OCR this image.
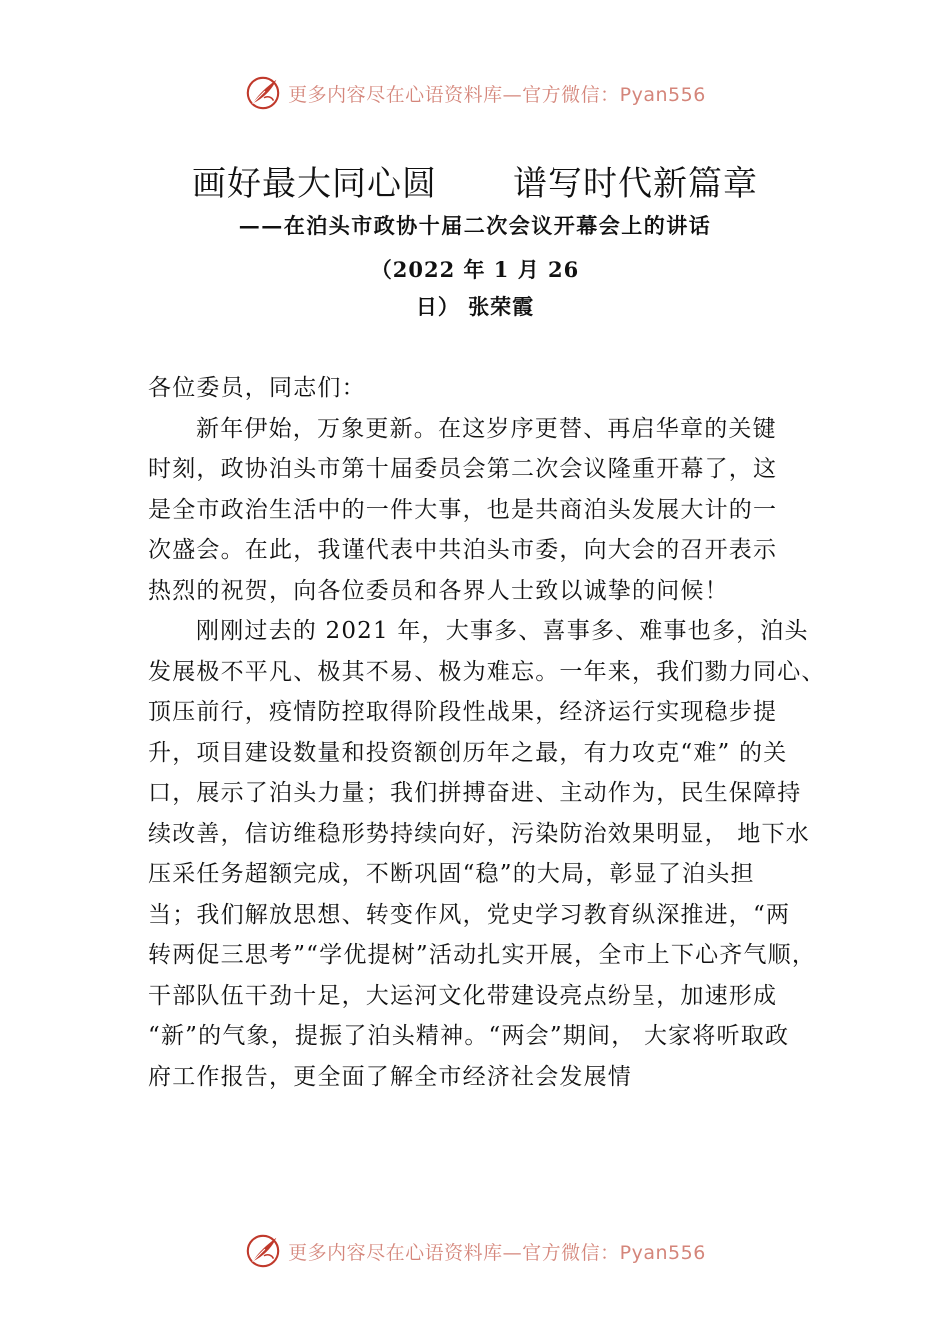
更多内容尽在心语资料库—官方微信：Pyan556
画好最大同心圆 谱写时代新篇章
——在泊头市政协十届二次会议开幕会上的讲话
（2022 年 1 月 26
日） 张荣霞
各位委员，同志们：
新年伊始，万象更新。在这岁序更替、再启华章的关键
时刻，政协泊头市第十届委员会第二次会议隆重开幕了，这
是全市政治生活中的一件大事，也是共商泊头发展大计的一
次盛会。在此，我谨代表中共泊头市委，向大会的召开表示
热烈的祝贺，向各位委员和各界人士致以诚挚的问候！
刚刚过去的 2021 年，大事多、喜事多、难事也多，泊头
发展极不平凡、极其不易、极为难忘。一年来，我们勠力同心、
顶压前行，疫情防控取得阶段性战果，经济运行实现稳步提
升，项目建设数量和投资额创历年之最，有力攻克“难” 的关
口，展示了泊头力量；我们拼搏奋进、主动作为，民生保障持
续改善，信访维稳形势持续向好，污染防治效果明显， 地下水
压采任务超额完成，不断巩固“稳”的大局，彰显了泊头担
当；我们解放思想、转变作风，党史学习教育纵深推进，“两
转两促三思考”“学优提树”活动扎实开展，全市上下心齐气顺，
干部队伍干劲十足，大运河文化带建设亮点纷呈，加速形成
“新”的气象，提振了泊头精神。“两会”期间， 大家将听取政
府工作报告，更全面了解全市经济社会发展情
更多内容尽在心语资料库—官方微信：Pyan556
